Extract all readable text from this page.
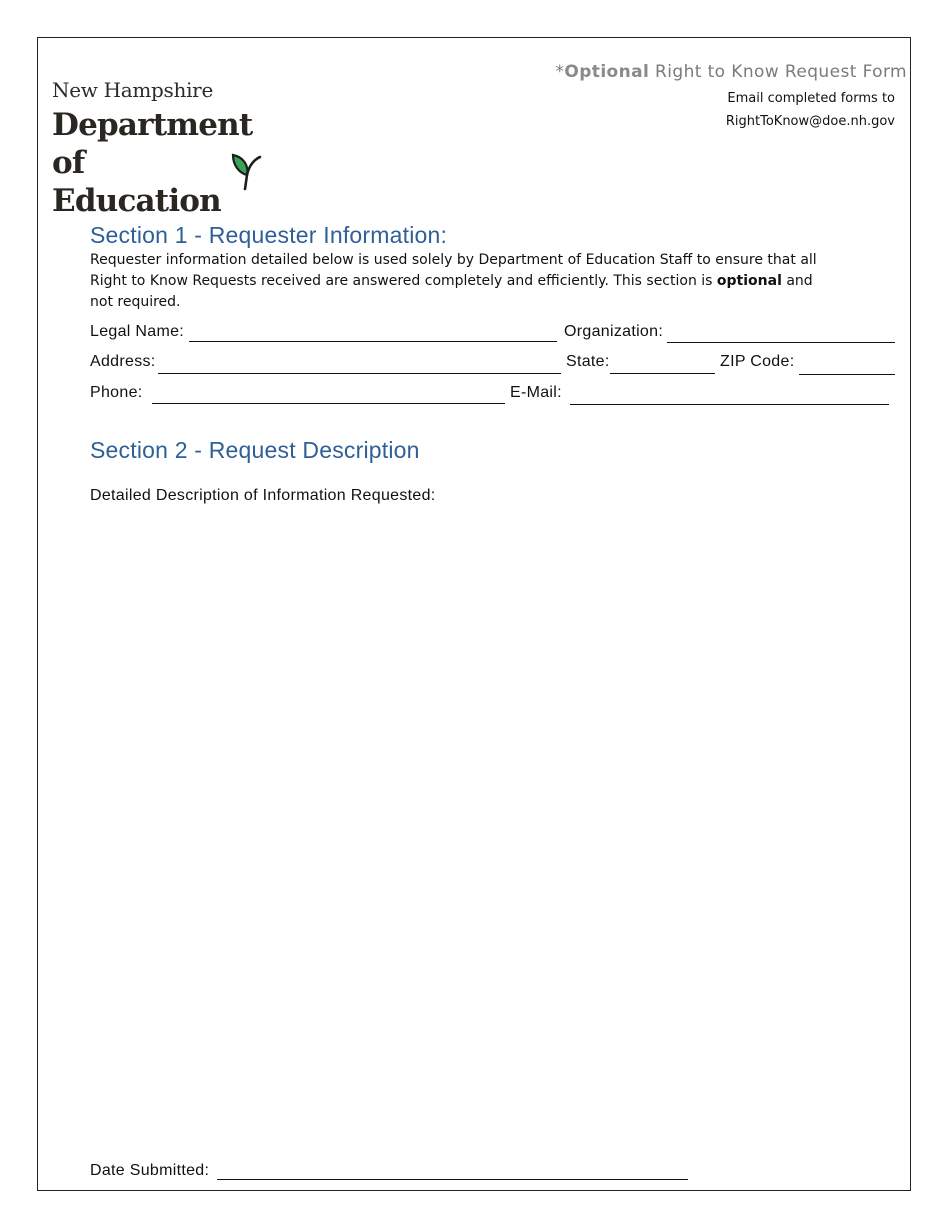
New Hampshire
Department of
Education
*Optional Right to Know Request Form
Email completed forms to
RightToKnow@doe.nh.gov
Section 1 - Requester Information:
Requester information detailed below is used solely by Department of Education Staff to ensure that all Right to Know Requests received are answered completely and efficiently. This section is optional and not required.
Legal Name:	Organization:
Address:	State:	ZIP Code:
Phone:	E-Mail:
Section 2 - Request Description
Detailed Description of Information Requested:
Date Submitted:
